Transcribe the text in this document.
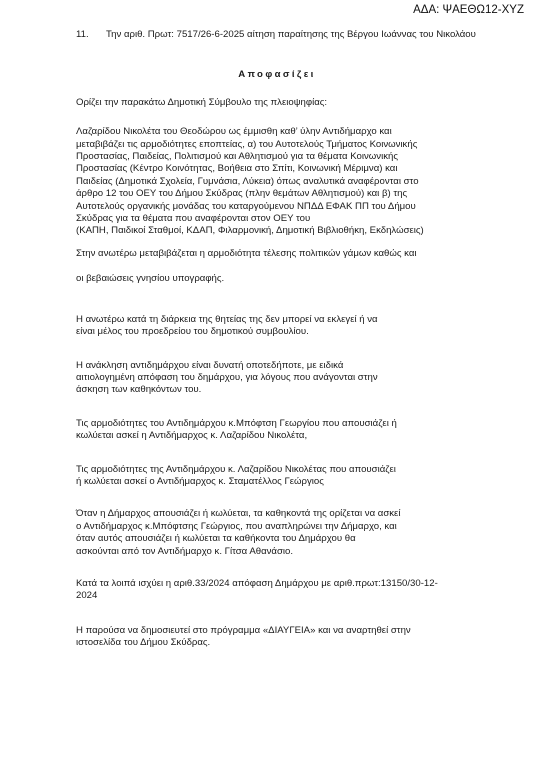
ΑΔΑ: ΨΑΕΘΩ12-ΧΥΖ

11. Την αριθ. Πρωτ: 7517/26-6-2025 αίτηση παραίτησης της Βέργου Ιωάννας του Νικολάου

Αποφασίζει

Ορίζει την παρακάτω Δημοτική Σύμβουλο της πλειοψηφίας:

Λαζαρίδου Νικολέτα του Θεοδώρου ως έμμισθη καθ’ ύλην Αντιδήμαρχο και
μεταβιβάζει τις αρμοδιότητες εποπτείας, α) του Αυτοτελούς Τμήματος Κοινωνικής
Προστασίας, Παιδείας, Πολιτισμού και Αθλητισμού για τα θέματα Κοινωνικής
Προστασίας (Κέντρο Κοινότητας, Βοήθεια στο Σπίτι, Κοινωνική Μέριμνα) και
Παιδείας (Δημοτικά Σχολεία, Γυμνάσια, Λύκεια) όπως αναλυτικά αναφέρονται στο
άρθρο 12 του ΟΕΥ του Δήμου Σκύδρας (πλην θεμάτων Αθλητισμού) και β) της
Αυτοτελούς οργανικής μονάδας του καταργούμενου ΝΠΔΔ ΕΦΑΚ ΠΠ του Δήμου
Σκύδρας για τα θέματα που αναφέρονται στον ΟΕΥ του
(ΚΑΠΗ, Παιδικοί Σταθμοί, ΚΔΑΠ, Φιλαρμονική, Δημοτική Βιβλιοθήκη, Εκδηλώσεις)

Στην ανωτέρω μεταβιβάζεται η αρμοδιότητα τέλεσης πολιτικών γάμων καθώς και

οι βεβαιώσεις γνησίου υπογραφής.

Η ανωτέρω κατά τη διάρκεια της θητείας της δεν μπορεί να εκλεγεί ή να
είναι μέλος του προεδρείου του δημοτικού συμβουλίου.

Η ανάκληση αντιδημάρχου είναι δυνατή οποτεδήποτε, με ειδικά
αιτιολογημένη απόφαση του δημάρχου, για λόγους που ανάγονται στην
άσκηση των καθηκόντων του.

Τις αρμοδιότητες του Αντιδημάρχου κ.Μπόφτση Γεωργίου που απουσιάζει ή
κωλύεται ασκεί η Αντιδήμαρχος κ. Λαζαρίδου Νικολέτα,

Τις αρμοδιότητες της Αντιδημάρχου κ. Λαζαρίδου Νικολέτας που απουσιάζει
ή κωλύεται ασκεί ο Αντιδήμαρχος κ. Σταματέλλος Γεώργιος

Όταν η Δήμαρχος απουσιάζει ή κωλύεται, τα καθηκοντά της ορίζεται να ασκεί
ο Αντιδήμαρχος κ.Μπόφτσης Γεώργιος, που αναπληρώνει την Δήμαρχο, και
όταν αυτός απουσιάζει ή κωλύεται τα καθήκοντα του Δημάρχου θα
ασκούνται από τον Αντιδήμαρχο κ. Γίτσα Αθανάσιο.

Κατά τα λοιπά ισχύει η αριθ.33/2024 απόφαση Δημάρχου με αριθ.πρωτ:13150/30-12-
2024

Η παρούσα να δημοσιευτεί στο πρόγραμμα «ΔΙΑΥΓΕΙΑ» και να αναρτηθεί στην
ιστοσελίδα του Δήμου Σκύδρας.
